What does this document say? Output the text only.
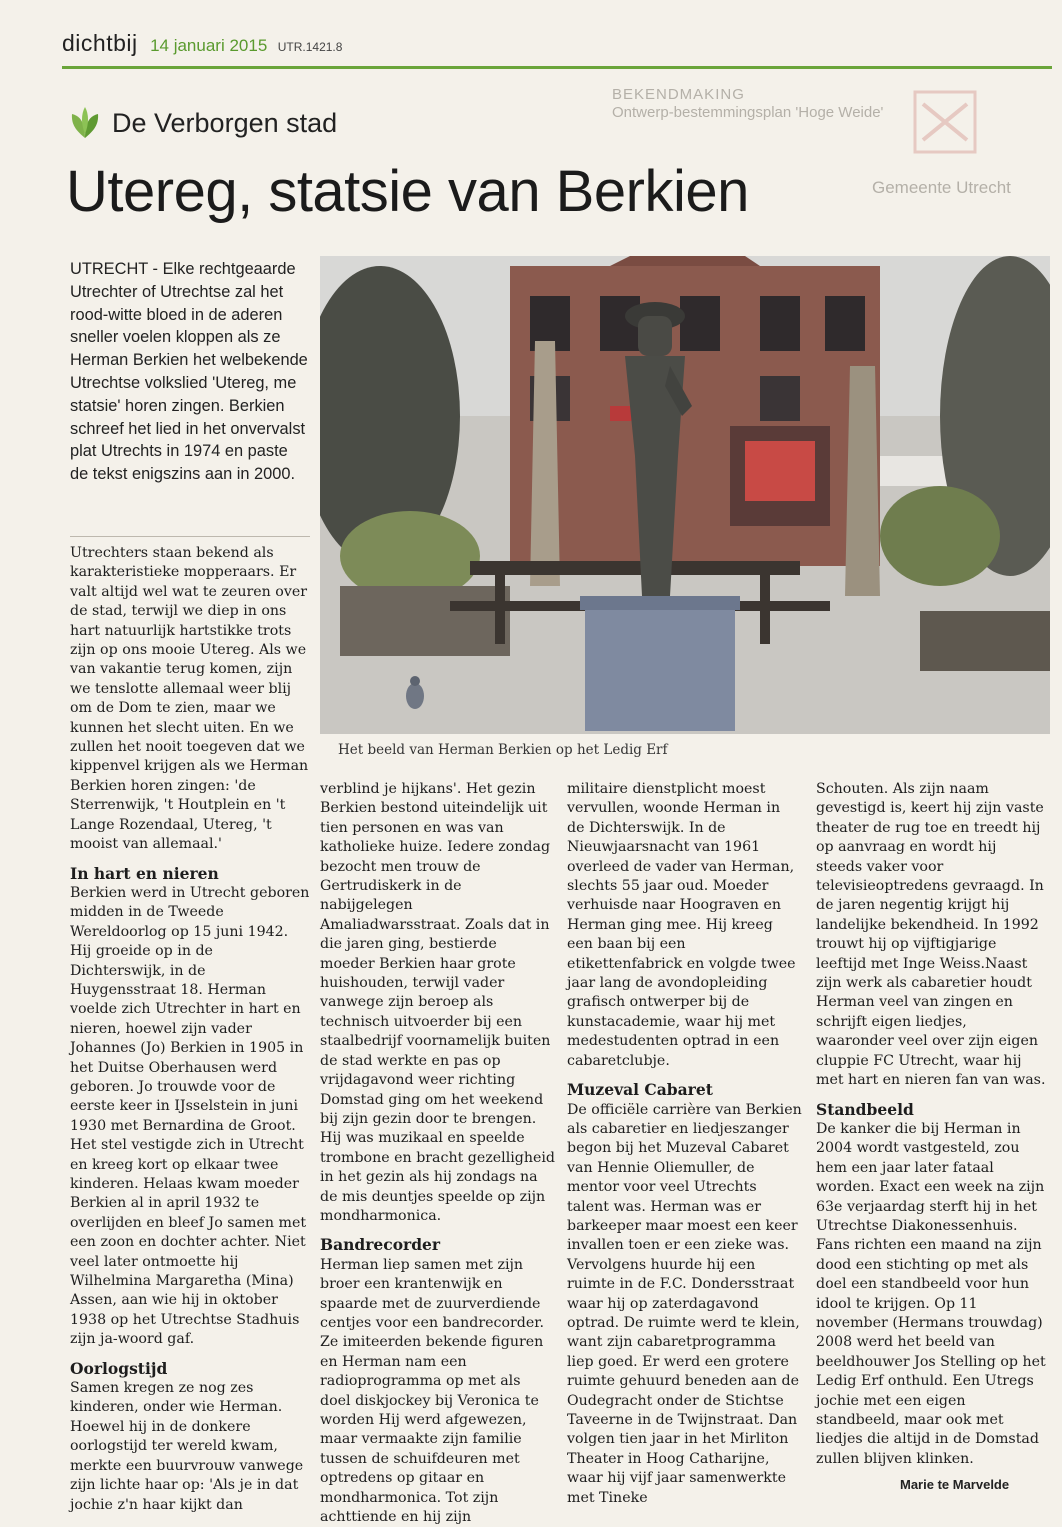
dichtbij 14 januari 2015 UTR.1421.8
BEKENDMAKING
Ontwerp-bestemmingsplan 'Hoge Weide'
Gemeente Utrecht
De Verborgen stad
Utereg, statsie van Berkien
UTRECHT - Elke rechtgeaarde Utrechter of Utrechtse zal het rood-witte bloed in de aderen sneller voelen kloppen als ze Herman Berkien het welbekende Utrechtse volkslied 'Utereg, me statsie' horen zingen. Berkien schreef het lied in het onvervalst plat Utrechts in 1974 en paste de tekst enigszins aan in 2000.
Het beeld van Herman Berkien op het Ledig Erf

Utrechters staan bekend als karakteristieke mopperaars. Er valt altijd wel wat te zeuren over de stad, terwijl we diep in ons hart natuurlijk hartstikke trots zijn op ons mooie Utereg. Als we van vakantie terug komen, zijn we tenslotte allemaal weer blij om de Dom te zien, maar we kunnen het slecht uiten. En we zullen het nooit toegeven dat we kippenvel krijgen als we Herman Berkien horen zingen: 'de Sterrenwijk, 't Houtplein en 't Lange Rozendaal, Utereg, 't mooist van allemaal.'

In hart en nieren

Berkien werd in Utrecht geboren midden in de Tweede Wereldoorlog op 15 juni 1942. Hij groeide op in de Dichterswijk, in de Huygensstraat 18. Herman voelde zich Utrechter in hart en nieren, hoewel zijn vader Johannes (Jo) Berkien in 1905 in het Duitse Oberhausen werd geboren. Jo trouwde voor de eerste keer in IJsselstein in juni 1930 met Bernardina de Groot. Het stel vestigde zich in Utrecht en kreeg kort op elkaar twee kinderen. Helaas kwam moeder Berkien al in april 1932 te overlijden en bleef Jo samen met een zoon en dochter achter. Niet veel later ontmoette hij Wilhelmina Margaretha (Mina) Assen, aan wie hij in oktober 1938 op het Utrechtse Stadhuis zijn ja-woord gaf.

Oorlogstijd

Samen kregen ze nog zes kinderen, onder wie Herman. Hoewel hij in de donkere oorlogstijd ter wereld kwam, merkte een buurvrouw vanwege zijn lichte haar op: 'Als je in dat jochie z'n haar kijkt dan

verblind je hijkans'. Het gezin Berkien bestond uiteindelijk uit tien personen en was van katholieke huize. Iedere zondag bezocht men trouw de Gertrudiskerk in de nabijgelegen Amaliadwarsstraat. Zoals dat in die jaren ging, bestierde moeder Berkien haar grote huishouden, terwijl vader vanwege zijn beroep als technisch uitvoerder bij een staalbedrijf voornamelijk buiten de stad werkte en pas op vrijdagavond weer richting Domstad ging om het weekend bij zijn gezin door te brengen. Hij was muzikaal en speelde trombone en bracht gezelligheid in het gezin als hij zondags na de mis deuntjes speelde op zijn mondharmonica.

Bandrecorder

Herman liep samen met zijn broer een krantenwijk en spaarde met de zuurverdiende centjes voor een bandrecorder. Ze imiteerden bekende figuren en Herman nam een radioprogramma op met als doel diskjockey bij Veronica te worden Hij werd afgewezen, maar vermaakte zijn familie tussen de schuifdeuren met optredens op gitaar en mondharmonica. Tot zijn achttiende en hij zijn

militaire dienstplicht moest vervullen, woonde Herman in de Dichterswijk. In de Nieuwjaarsnacht van 1961 overleed de vader van Herman, slechts 55 jaar oud. Moeder verhuisde naar Hoograven en Herman ging mee. Hij kreeg een baan bij een etikettenfabrick en volgde twee jaar lang de avondopleiding grafisch ontwerper bij de kunstacademie, waar hij met medestudenten optrad in een cabaretclubje.

Muzeval Cabaret

De officiële carrière van Berkien als cabaretier en liedjeszanger begon bij het Muzeval Cabaret van Hennie Oliemuller, de mentor voor veel Utrechts talent was. Herman was er barkeeper maar moest een keer invallen toen er een zieke was. Vervolgens huurde hij een ruimte in de F.C. Dondersstraat waar hij op zaterdagavond optrad. De ruimte werd te klein, want zijn cabaretprogramma liep goed. Er werd een grotere ruimte gehuurd beneden aan de Oudegracht onder de Stichtse Taveerne in de Twijnstraat. Dan volgen tien jaar in het Mirliton Theater in Hoog Catharijne, waar hij vijf jaar samenwerkte met Tineke

Schouten. Als zijn naam gevestigd is, keert hij zijn vaste theater de rug toe en treedt hij op aanvraag en wordt hij steeds vaker voor televisieoptredens gevraagd. In de jaren negentig krijgt hij landelijke bekendheid. In 1992 trouwt hij op vijftigjarige leeftijd met Inge Weiss.Naast zijn werk als cabaretier houdt Herman veel van zingen en schrijft eigen liedjes, waaronder veel over zijn eigen cluppie FC Utrecht, waar hij met hart en nieren fan van was.

Standbeeld

De kanker die bij Herman in 2004 wordt vastgesteld, zou hem een jaar later fataal worden. Exact een week na zijn 63e verjaardag sterft hij in het Utrechtse Diakonessenhuis. Fans richten een maand na zijn dood een stichting op met als doel een standbeeld voor hun idool te krijgen. Op 11 november (Hermans trouwdag) 2008 werd het beeld van beeldhouwer Jos Stelling op het Ledig Erf onthuld. Een Utregs jochie met een eigen standbeeld, maar ook met liedjes die altijd in de Domstad zullen blijven klinken.

Marie te Marvelde
